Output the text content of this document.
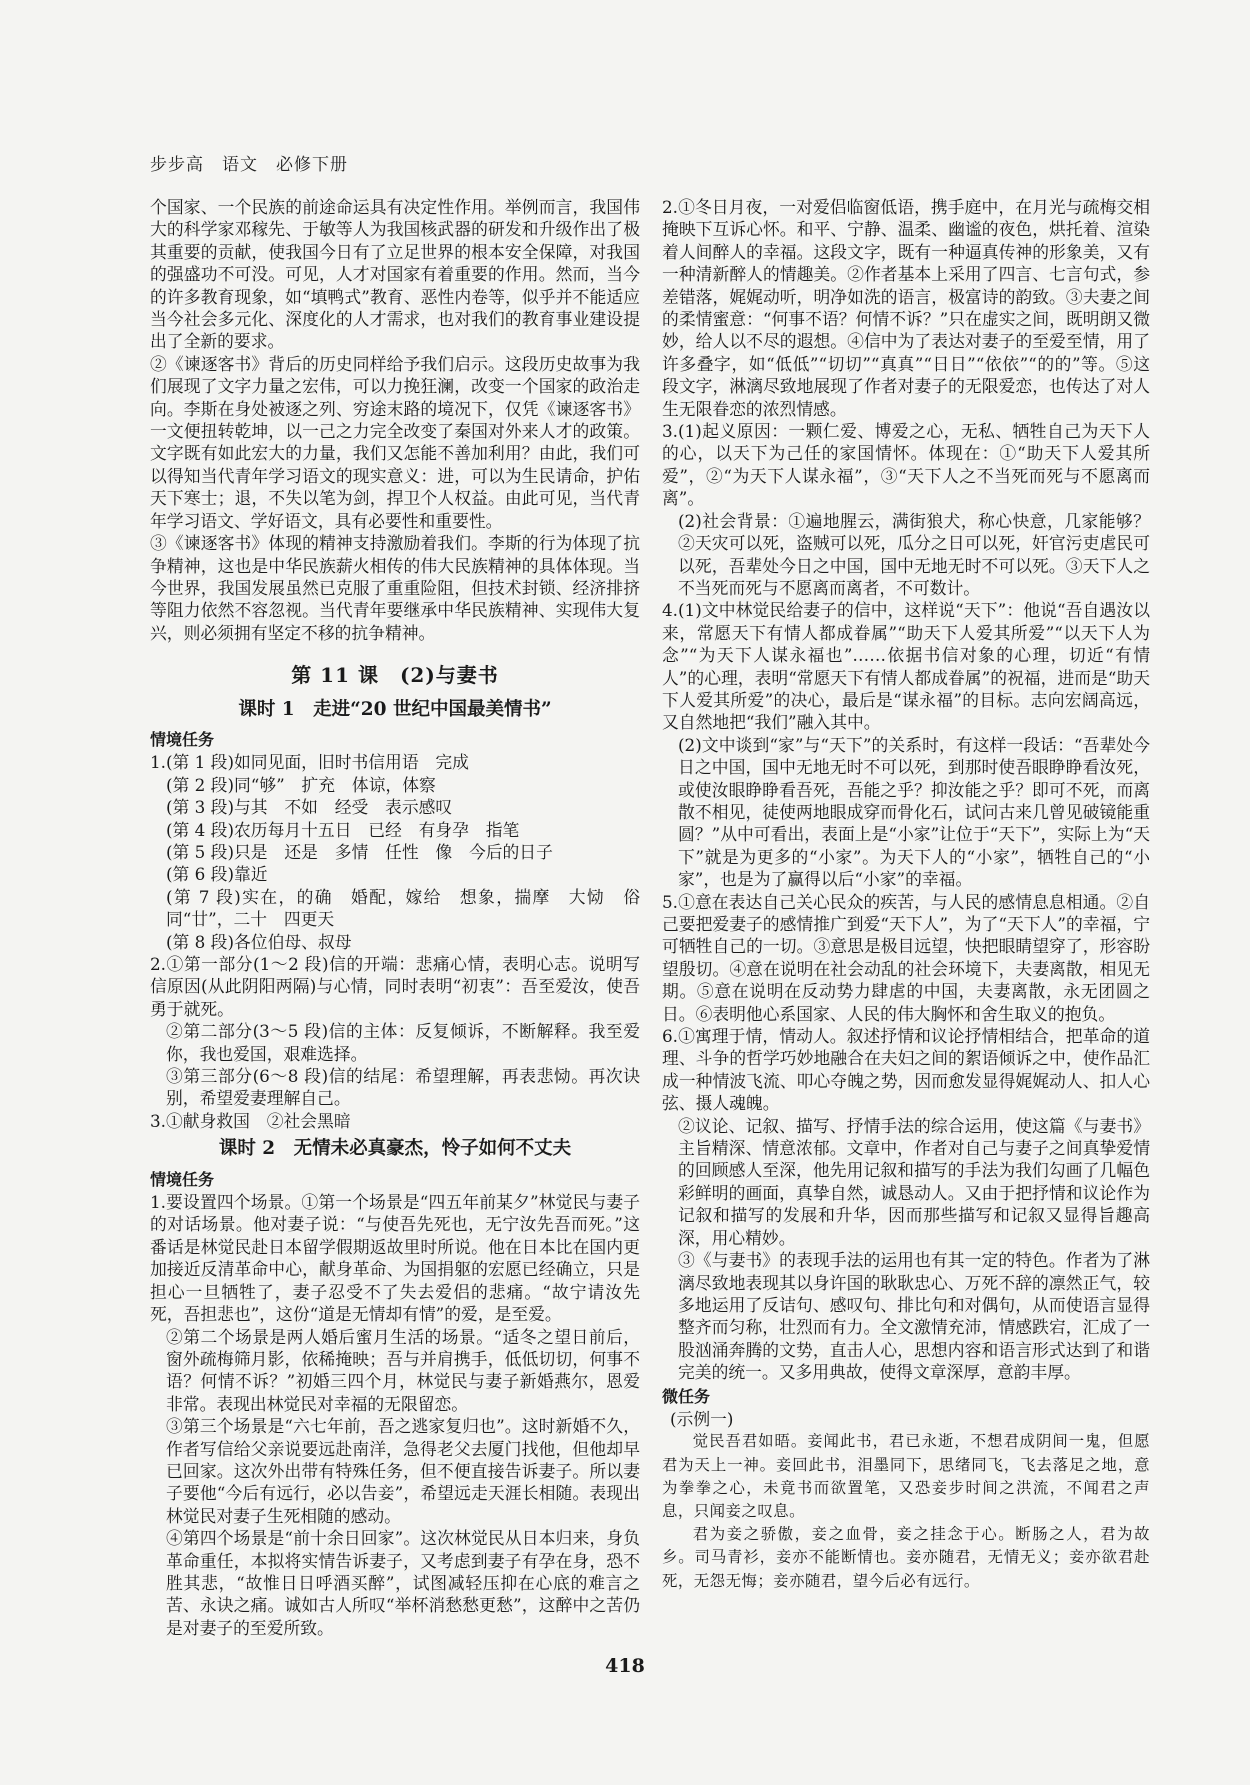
步步高　语文　必修下册

个国家、一个民族的前途命运具有决定性作用。举例而言，我国伟大的科学家邓稼先、于敏等人为我国核武器的研发和升级作出了极其重要的贡献，使我国今日有了立足世界的根本安全保障，对我国的强盛功不可没。可见，人才对国家有着重要的作用。然而，当今的许多教育现象，如“填鸭式”教育、恶性内卷等，似乎并不能适应当今社会多元化、深度化的人才需求，也对我们的教育事业建设提出了全新的要求。

②《谏逐客书》背后的历史同样给予我们启示。这段历史故事为我们展现了文字力量之宏伟，可以力挽狂澜，改变一个国家的政治走向。李斯在身处被逐之列、穷途末路的境况下，仅凭《谏逐客书》一文便扭转乾坤，以一己之力完全改变了秦国对外来人才的政策。文字既有如此宏大的力量，我们又怎能不善加利用？由此，我们可以得知当代青年学习语文的现实意义：进，可以为生民请命，护佑天下寒士；退，不失以笔为剑，捍卫个人权益。由此可见，当代青年学习语文、学好语文，具有必要性和重要性。

③《谏逐客书》体现的精神支持激励着我们。李斯的行为体现了抗争精神，这也是中华民族薪火相传的伟大民族精神的具体体现。当今世界，我国发展虽然已克服了重重险阻，但技术封锁、经济排挤等阻力依然不容忽视。当代青年要继承中华民族精神、实现伟大复兴，则必须拥有坚定不移的抗争精神。

第 11 课　(2)与妻书
课时 1　走进“20 世纪中国最美情书”
情境任务

1.(第 1 段)如同见面，旧时书信用语　完成

(第 2 段)同“够”　扩充　体谅，体察

(第 3 段)与其　不如　经受　表示感叹

(第 4 段)农历每月十五日　已经　有身孕　指笔

(第 5 段)只是　还是　多情　任性　像　今后的日子

(第 6 段)靠近

(第 7 段)实在，的确　婚配，嫁给　想象，揣摩　大恸　俗同“廿”，二十　四更天

(第 8 段)各位伯母、叔母

2.①第一部分(1～2 段)信的开端：悲痛心情，表明心志。说明写信原因(从此阴阳两隔)与心情，同时表明“初衷”：吾至爱汝，使吾勇于就死。

②第二部分(3～5 段)信的主体：反复倾诉，不断解释。我至爱你，我也爱国，艰难选择。

③第三部分(6～8 段)信的结尾：希望理解，再表悲恸。再次诀别，希望爱妻理解自己。

3.①献身救国　②社会黑暗

课时 2　无情未必真豪杰，怜子如何不丈夫
情境任务

1.要设置四个场景。①第一个场景是“四五年前某夕”林觉民与妻子的对话场景。他对妻子说：“与使吾先死也，无宁汝先吾而死。”这番话是林觉民赴日本留学假期返故里时所说。他在日本比在国内更加接近反清革命中心，献身革命、为国捐躯的宏愿已经确立，只是担心一旦牺牲了，妻子忍受不了失去爱侣的悲痛。“故宁请汝先死，吾担悲也”，这份“道是无情却有情”的爱，是至爱。

②第二个场景是两人婚后蜜月生活的场景。“适冬之望日前后，窗外疏梅筛月影，依稀掩映；吾与并肩携手，低低切切，何事不语？何情不诉？”初婚三四个月，林觉民与妻子新婚燕尔，恩爱非常。表现出林觉民对幸福的无限留恋。

③第三个场景是“六七年前，吾之逃家复归也”。这时新婚不久，作者写信给父亲说要远赴南洋，急得老父去厦门找他，但他却早已回家。这次外出带有特殊任务，但不便直接告诉妻子。所以妻子要他“今后有远行，必以告妾”，希望远走天涯长相随。表现出林觉民对妻子生死相随的感动。

④第四个场景是“前十余日回家”。这次林觉民从日本归来，身负革命重任，本拟将实情告诉妻子，又考虑到妻子有孕在身，恐不胜其悲，“故惟日日呼酒买醉”，试图减轻压抑在心底的难言之苦、永诀之痛。诚如古人所叹“举杯消愁愁更愁”，这醉中之苦仍是对妻子的至爱所致。

2.①冬日月夜，一对爱侣临窗低语，携手庭中，在月光与疏梅交相掩映下互诉心怀。和平、宁静、温柔、幽谧的夜色，烘托着、渲染着人间醉人的幸福。这段文字，既有一种逼真传神的形象美，又有一种清新醉人的情趣美。②作者基本上采用了四言、七言句式，参差错落，娓娓动听，明净如洗的语言，极富诗的韵致。③夫妻之间的柔情蜜意：“何事不语？何情不诉？”只在虚实之间，既明朗又微妙，给人以不尽的遐想。④信中为了表达对妻子的至爱至情，用了许多叠字，如“低低”“切切”“真真”“日日”“依依”“的的”等。⑤这段文字，淋漓尽致地展现了作者对妻子的无限爱恋，也传达了对人生无限眷恋的浓烈情感。

3.(1)起义原因：一颗仁爱、博爱之心，无私、牺牲自己为天下人的心，以天下为己任的家国情怀。体现在：①“助天下人爱其所爱”，②“为天下人谋永福”，③“天下人之不当死而死与不愿离而离”。

(2)社会背景：①遍地腥云，满街狼犬，称心快意，几家能够？②天灾可以死，盗贼可以死，瓜分之日可以死，奸官污吏虐民可以死，吾辈处今日之中国，国中无地无时不可以死。③天下人之不当死而死与不愿离而离者，不可数计。

4.(1)文中林觉民给妻子的信中，这样说“天下”：他说“吾自遇汝以来，常愿天下有情人都成眷属”“助天下人爱其所爱”“以天下人为念”“为天下人谋永福也”……依据书信对象的心理，切近“有情人”的心理，表明“常愿天下有情人都成眷属”的祝福，进而是“助天下人爱其所爱”的决心，最后是“谋永福”的目标。志向宏阔高远，又自然地把“我们”融入其中。

(2)文中谈到“家”与“天下”的关系时，有这样一段话：“吾辈处今日之中国，国中无地无时不可以死，到那时使吾眼睁睁看汝死，或使汝眼睁睁看吾死，吾能之乎？抑汝能之乎？即可不死，而离散不相见，徒使两地眼成穿而骨化石，试问古来几曾见破镜能重圆？”从中可看出，表面上是“小家”让位于“天下”，实际上为“天下”就是为更多的“小家”。为天下人的“小家”，牺牲自己的“小家”，也是为了赢得以后“小家”的幸福。

5.①意在表达自己关心民众的疾苦，与人民的感情息息相通。②自己要把爱妻子的感情推广到爱“天下人”，为了“天下人”的幸福，宁可牺牲自己的一切。③意思是极目远望，快把眼睛望穿了，形容盼望殷切。④意在说明在社会动乱的社会环境下，夫妻离散，相见无期。⑤意在说明在反动势力肆虐的中国，夫妻离散，永无团圆之日。⑥表明他心系国家、人民的伟大胸怀和舍生取义的抱负。

6.①寓理于情，情动人。叙述抒情和议论抒情相结合，把革命的道理、斗争的哲学巧妙地融合在夫妇之间的絮语倾诉之中，使作品汇成一种情波飞流、叩心夺魄之势，因而愈发显得娓娓动人、扣人心弦、摄人魂魄。

②议论、记叙、描写、抒情手法的综合运用，使这篇《与妻书》主旨精深、情意浓郁。文章中，作者对自己与妻子之间真挚爱情的回顾感人至深，他先用记叙和描写的手法为我们勾画了几幅色彩鲜明的画面，真挚自然，诚恳动人。又由于把抒情和议论作为记叙和描写的发展和升华，因而那些描写和记叙又显得旨趣高深，用心精妙。

③《与妻书》的表现手法的运用也有其一定的特色。作者为了淋漓尽致地表现其以身许国的耿耿忠心、万死不辞的凛然正气，较多地运用了反诘句、感叹句、排比句和对偶句，从而使语言显得整齐而匀称，壮烈而有力。全文激情充沛，情感跌宕，汇成了一股汹涌奔腾的文势，直击人心，思想内容和语言形式达到了和谐完美的统一。又多用典故，使得文章深厚，意韵丰厚。

微任务

(示例一)

觉民吾君如晤。妾闻此书，君已永逝，不想君成阴间一鬼，但愿君为天上一神。妾回此书，泪墨同下，思绪同飞，飞去落足之地，意为拳拳之心，未竟书而欲置笔，又恐妾步时间之洪流，不闻君之声息，只闻妾之叹息。

君为妾之骄傲，妾之血骨，妾之挂念于心。断肠之人，君为故乡。司马青衫，妾亦不能断情也。妾亦随君，无情无义；妾亦欲君赴死，无怨无悔；妾亦随君，望今后必有远行。

418
